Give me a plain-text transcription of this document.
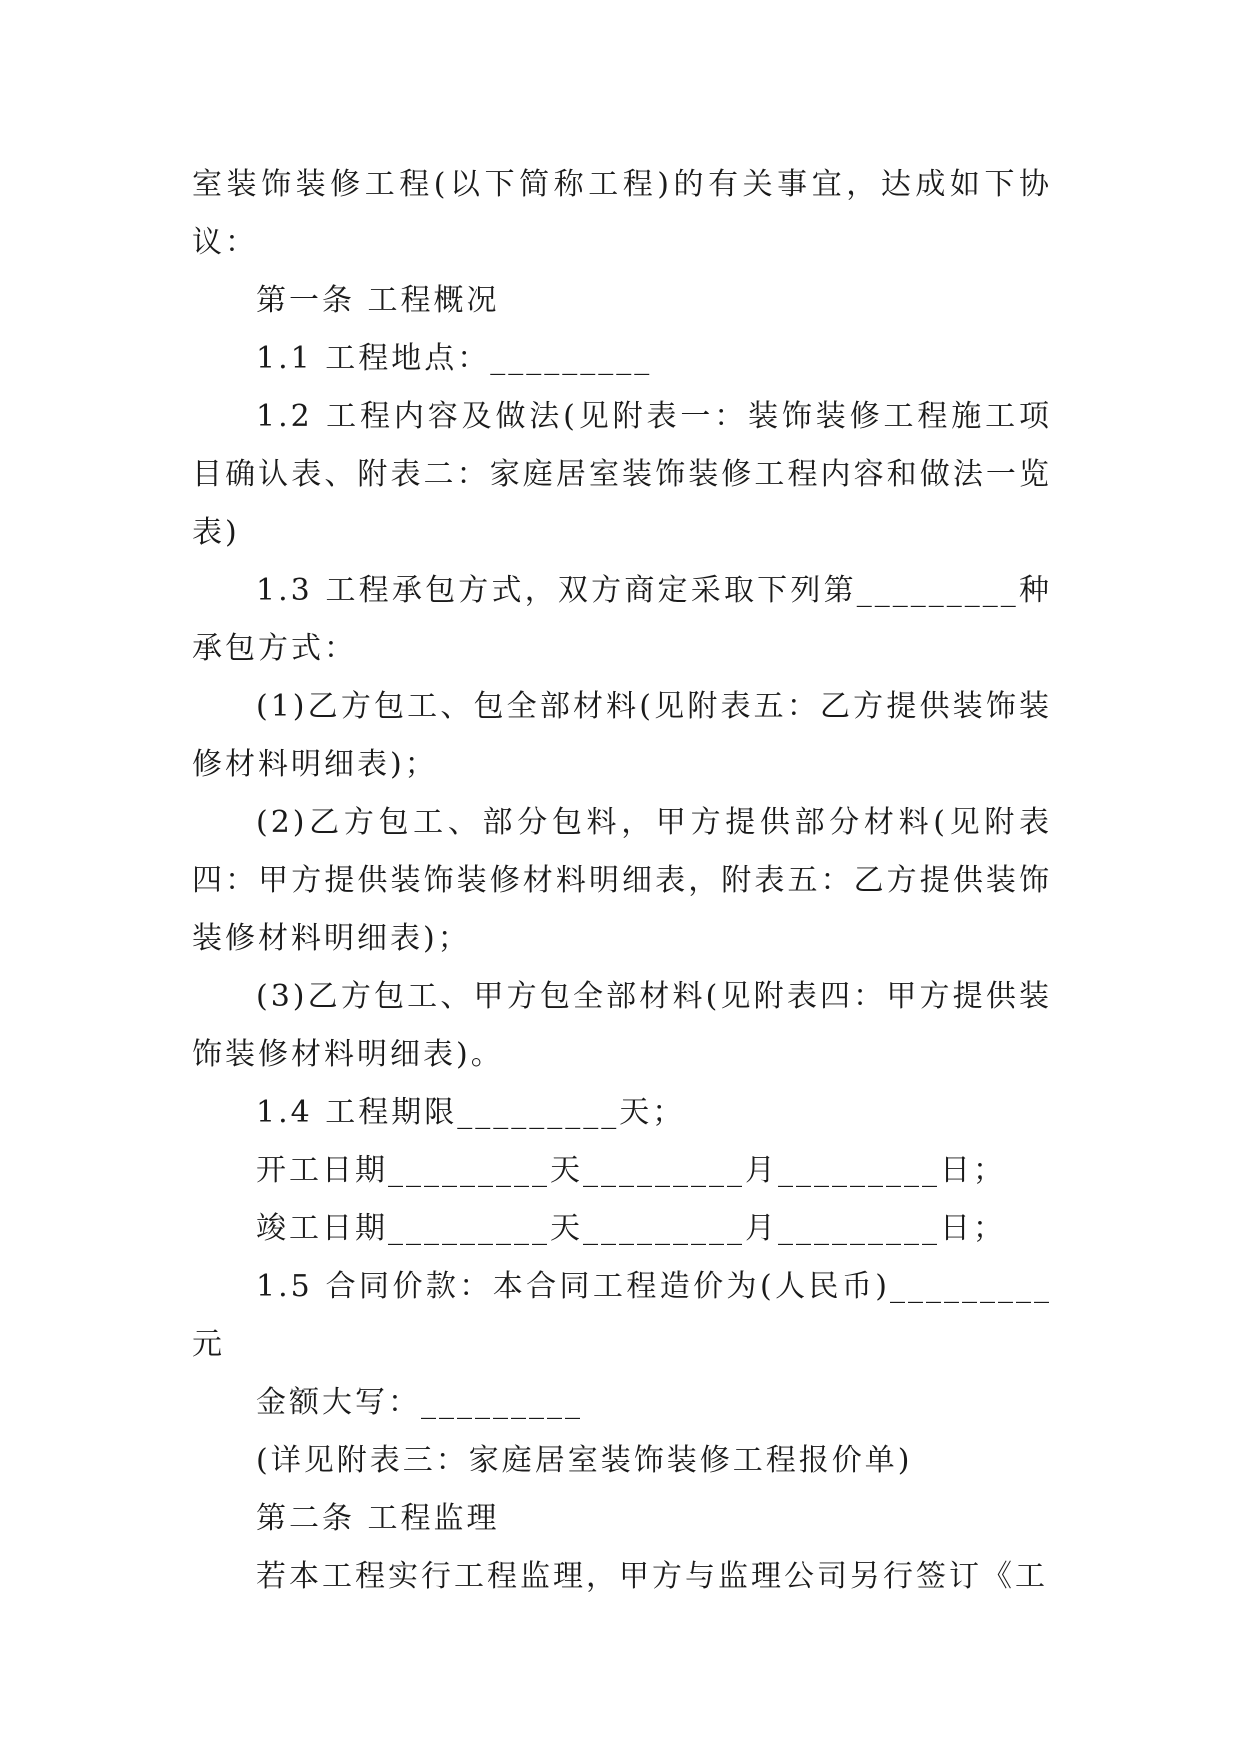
室装饰装修工程(以下简称工程)的有关事宜，达成如下协议：

第一条 工程概况

1.1 工程地点：_________

1.2 工程内容及做法(见附表一：装饰装修工程施工项目确认表、附表二：家庭居室装饰装修工程内容和做法一览表)

1.3 工程承包方式，双方商定采取下列第_________种承包方式：

(1)乙方包工、包全部材料(见附表五：乙方提供装饰装修材料明细表)；

(2)乙方包工、部分包料，甲方提供部分材料(见附表四：甲方提供装饰装修材料明细表，附表五：乙方提供装饰装修材料明细表)；

(3)乙方包工、甲方包全部材料(见附表四：甲方提供装饰装修材料明细表)。

1.4 工程期限_________天；

开工日期_________天_________月_________日；

竣工日期_________天_________月_________日；

1.5 合同价款：本合同工程造价为(人民币)_________元

金额大写：_________

(详见附表三：家庭居室装饰装修工程报价单)

第二条 工程监理

若本工程实行工程监理，甲方与监理公司另行签订《工
